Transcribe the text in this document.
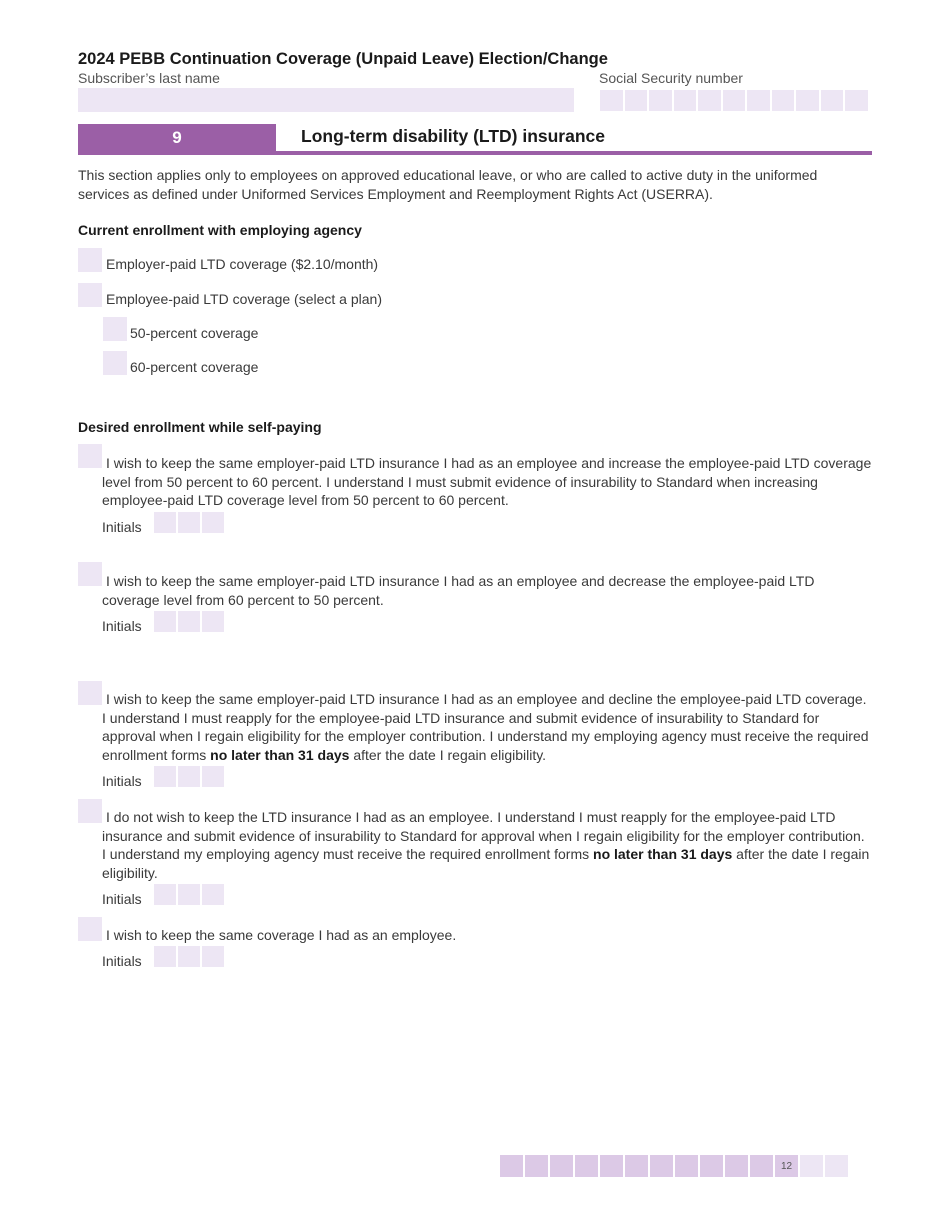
2024 PEBB Continuation Coverage (Unpaid Leave) Election/Change
Subscriber’s last name	Social Security number
9	Long-term disability (LTD) insurance
This section applies only to employees on approved educational leave, or who are called to active duty in the uniformed services as defined under Uniformed Services Employment and Reemployment Rights Act (USERRA).
Current enrollment with employing agency
Employer-paid LTD coverage ($2.10/month)
Employee-paid LTD coverage (select a plan)
50-percent coverage
60-percent coverage
Desired enrollment while self-paying
I wish to keep the same employer-paid LTD insurance I had as an employee and increase the employee-paid LTD coverage level from 50 percent to 60 percent. I understand I must submit evidence of insurability to Standard when increasing employee-paid LTD coverage level from 50 percent to 60 percent.
Initials
I wish to keep the same employer-paid LTD insurance I had as an employee and decrease the employee-paid LTD coverage level from 60 percent to 50 percent.
Initials
I wish to keep the same employer-paid LTD insurance I had as an employee and decline the employee-paid LTD coverage. I understand I must reapply for the employee-paid LTD insurance and submit evidence of insurability to Standard for approval when I regain eligibility for the employer contribution. I understand my employing agency must receive the required enrollment forms no later than 31 days after the date I regain eligibility.
Initials
I do not wish to keep the LTD insurance I had as an employee. I understand I must reapply for the employee-paid LTD insurance and submit evidence of insurability to Standard for approval when I regain eligibility for the employer contribution. I understand my employing agency must receive the required enrollment forms no later than 31 days after the date I regain eligibility.
Initials
I wish to keep the same coverage I had as an employee.
Initials
12
